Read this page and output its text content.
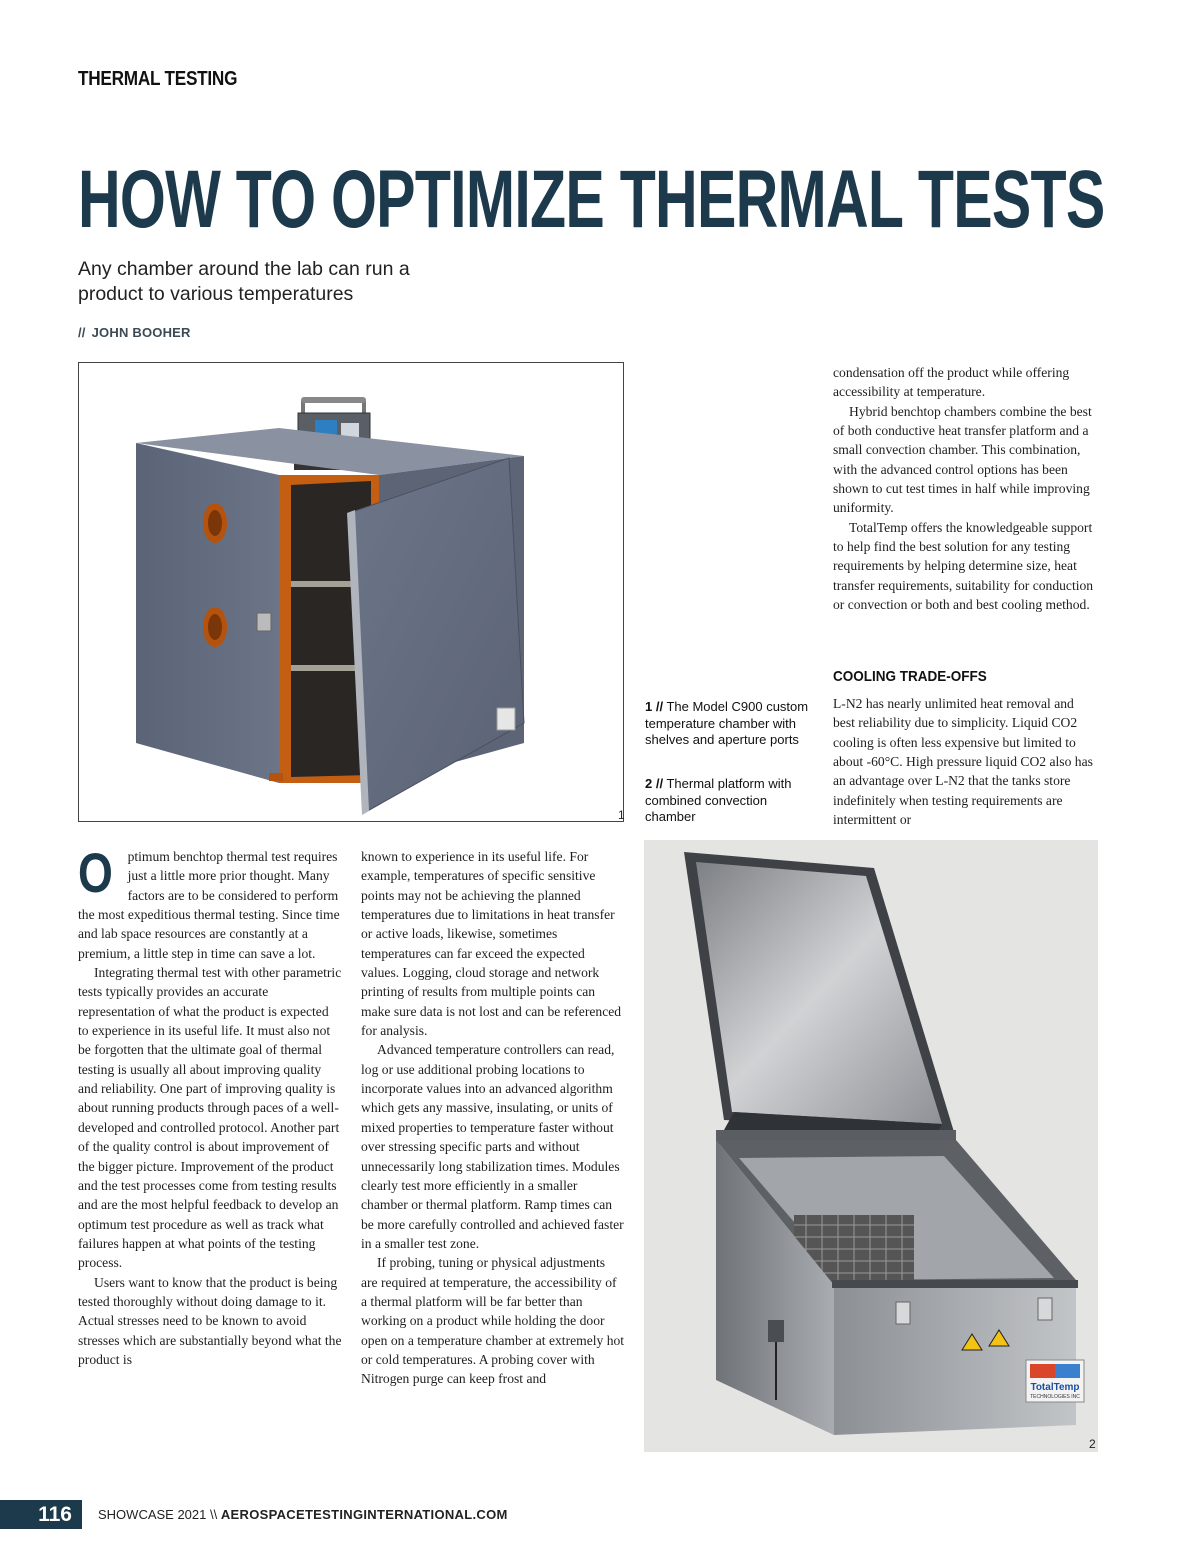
THERMAL TESTING
HOW TO OPTIMIZE THERMAL TESTS

Any chamber around the lab can run a
product to various temperatures

// JOHN BOOHER
1

1 // The Model C900 custom temperature chamber with shelves and aperture ports

2 // Thermal platform with combined convection chamber

condensation off the product while offering accessibility at temperature.

Hybrid benchtop chambers combine the best of both conductive heat transfer platform and a small convection chamber. This combination, with the advanced control options has been shown to cut test times in half while improving uniformity.

TotalTemp offers the knowledgeable support to help find the best solution for any testing requirements by helping determine size, heat transfer requirements, suitability for conduction or convection or both and best cooling method.

COOLING TRADE-OFFS

L-N2 has nearly unlimited heat removal and best reliability due to simplicity. Liquid CO2 cooling is often less expensive but limited to about -60°C. High pressure liquid CO2 also has an advantage over L-N2 that the tanks store indefinitely when testing requirements are intermittent or

O ptimum benchtop thermal test requires just a little more prior thought. Many factors are to be considered to perform the most expeditious thermal testing. Since time and lab space resources are constantly at a premium, a little step in time can save a lot.

Integrating thermal test with other parametric tests typically provides an accurate representation of what the product is expected to experience in its useful life. It must also not be forgotten that the ultimate goal of thermal testing is usually all about improving quality and reliability. One part of improving quality is about running products through paces of a well-developed and controlled protocol. Another part of the quality control is about improvement of the bigger picture. Improvement of the product and the test processes come from testing results and are the most helpful feedback to develop an optimum test procedure as well as track what failures happen at what points of the testing process.

Users want to know that the product is being tested thoroughly without doing damage to it. Actual stresses need to be known to avoid stresses which are substantially beyond what the product is

known to experience in its useful life. For example, temperatures of specific sensitive points may not be achieving the planned temperatures due to limitations in heat transfer or active loads, likewise, sometimes temperatures can far exceed the expected values. Logging, cloud storage and network printing of results from multiple points can make sure data is not lost and can be referenced for analysis.

Advanced temperature controllers can read, log or use additional probing locations to incorporate values into an advanced algorithm which gets any massive, insulating, or units of mixed properties to temperature faster without over stressing specific parts and without unnecessarily long stabilization times. Modules clearly test more efficiently in a smaller chamber or thermal platform. Ramp times can be more carefully controlled and achieved faster in a smaller test zone.

If probing, tuning or physical adjustments are required at temperature, the accessibility of a thermal platform will be far better than working on a product while holding the door open on a temperature chamber at extremely hot or cold temperatures. A probing cover with Nitrogen purge can keep frost and

TotalTemp
TECHNOLOGIES INC
2
116	SHOWCASE 2021 \\ AEROSPACETESTINGINTERNATIONAL.COM
